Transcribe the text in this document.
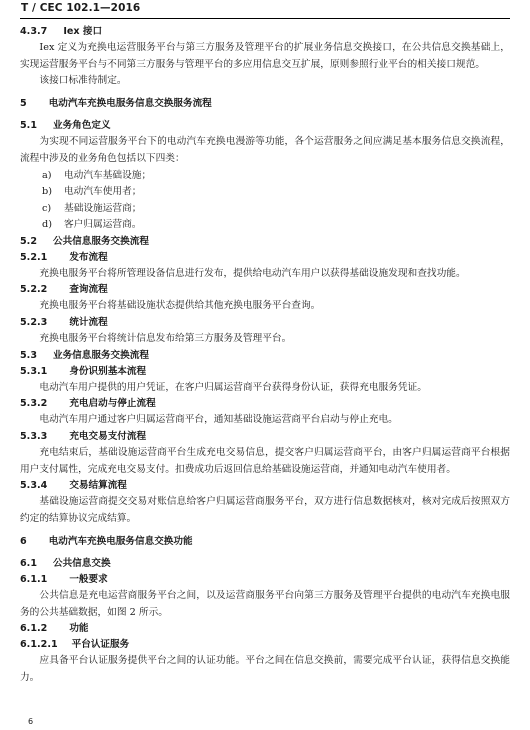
T / CEC 102.1—2016
4.3.7 Iex 接口
Iex 定义为充换电运营服务平台与第三方服务及管理平台的扩展业务信息交换接口，在公共信息交换基础上，实现运营服务平台与不同第三方服务与管理平台的多应用信息交互扩展，原则参照行业平台的相关接口规范。
该接口标准待制定。
5 电动汽车充换电服务信息交换服务流程
5.1 业务角色定义
为实现不同运营服务平台下的电动汽车充换电漫游等功能，各个运营服务之间应满足基本服务信息交换流程，流程中涉及的业务角色包括以下四类：
a) 电动汽车基础设施；
b) 电动汽车使用者；
c) 基础设施运营商；
d) 客户归属运营商。
5.2 公共信息服务交换流程
5.2.1 发布流程
充换电服务平台将所管理设备信息进行发布，提供给电动汽车用户以获得基础设施发现和查找功能。
5.2.2 查询流程
充换电服务平台将基础设施状态提供给其他充换电服务平台查询。
5.2.3 统计流程
充换电服务平台将统计信息发布给第三方服务及管理平台。
5.3 业务信息服务交换流程
5.3.1 身份识别基本流程
电动汽车用户提供的用户凭证，在客户归属运营商平台获得身份认证，获得充电服务凭证。
5.3.2 充电启动与停止流程
电动汽车用户通过客户归属运营商平台，通知基础设施运营商平台启动与停止充电。
5.3.3 充电交易支付流程
充电结束后，基础设施运营商平台生成充电交易信息，提交客户归属运营商平台，由客户归属运营商平台根据用户支付属性，完成充电交易支付。扣费成功后返回信息给基础设施运营商，并通知电动汽车使用者。
5.3.4 交易结算流程
基础设施运营商提交交易对账信息给客户归属运营商服务平台，双方进行信息数据核对，核对完成后按照双方约定的结算协议完成结算。
6 电动汽车充换电服务信息交换功能
6.1 公共信息交换
6.1.1 一般要求
公共信息是充电运营商服务平台之间，以及运营商服务平台向第三方服务及管理平台提供的电动汽车充换电服务的公共基础数据，如图 2 所示。
6.1.2 功能
6.1.2.1 平台认证服务
应具备平台认证服务提供平台之间的认证功能。平台之间在信息交换前，需要完成平台认证，获得信息交换能力。
6
